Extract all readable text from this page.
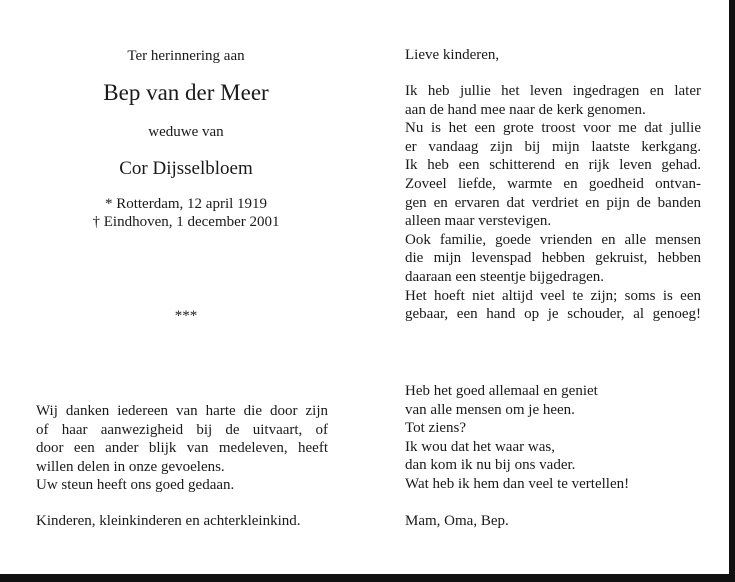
Ter herinnering aan
Bep van der Meer
weduwe van
Cor Dijsselbloem
* Rotterdam, 12 april 1919
† Eindhoven, 1 december 2001
***
Wij danken iedereen van harte die door zijn
of haar aanwezigheid bij de uitvaart, of
door een ander blijk van medeleven, heeft
willen delen in onze gevoelens.
Uw steun heeft ons goed gedaan.
Kinderen, kleinkinderen en achterkleinkind.
Lieve kinderen,
Ik heb jullie het leven ingedragen en later
aan de hand mee naar de kerk genomen.
Nu is het een grote troost voor me dat jullie
er vandaag zijn bij mijn laatste kerkgang.
Ik heb een schitterend en rijk leven gehad.
Zoveel liefde, warmte en goedheid ontvan-
gen en ervaren dat verdriet en pijn de banden
alleen maar verstevigen.
Ook familie, goede vrienden en alle mensen
die mijn levenspad hebben gekruist, hebben
daaraan een steentje bijgedragen.
Het hoeft niet altijd veel te zijn; soms is een
gebaar, een hand op je schouder, al genoeg!
Heb het goed allemaal en geniet
van alle mensen om je heen.
Tot ziens?
Ik wou dat het waar was,
dan kom ik nu bij ons vader.
Wat heb ik hem dan veel te vertellen!
Mam, Oma, Bep.
